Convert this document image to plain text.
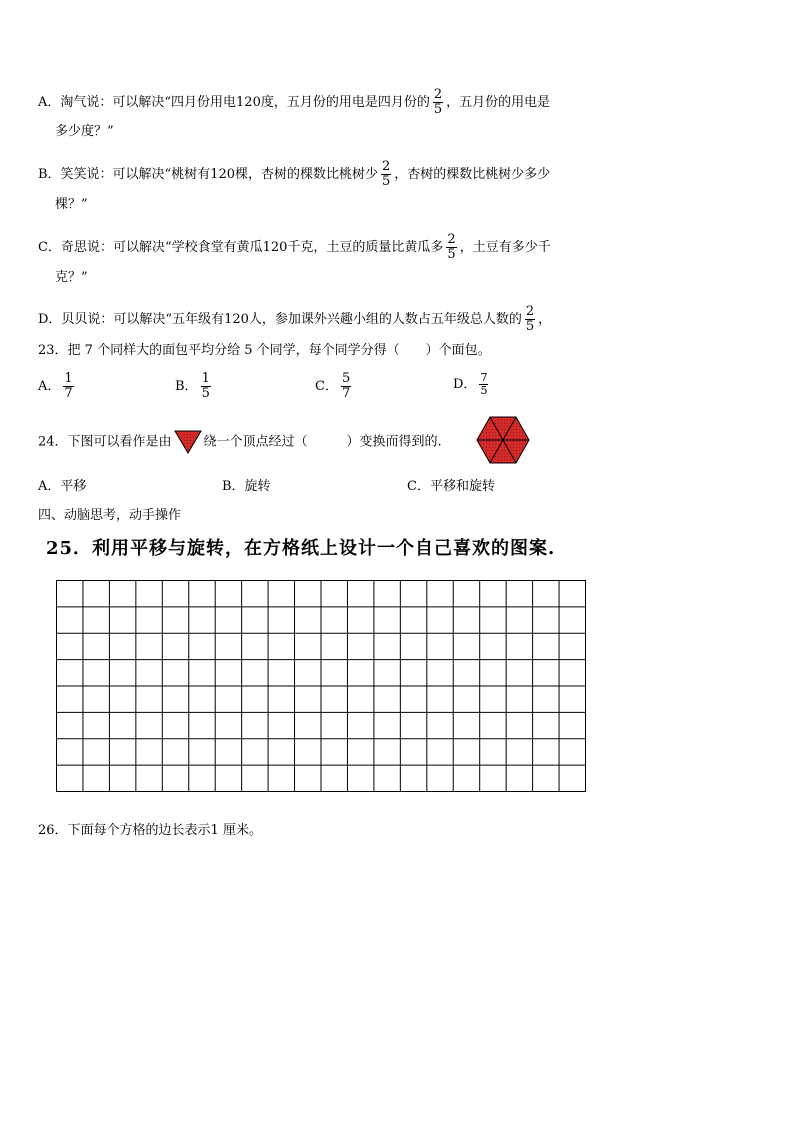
A．淘气说：可以解决“四月份用电120度，五月份的用电是四月份的 $\frac{2}{5}$ ，五月份的用电是
多少度？”
B．笑笑说：可以解决“桃树有120棵，杏树的棵数比桃树少 $\frac{2}{5}$ ，杏树的棵数比桃树少多少
棵？”
C．奇思说：可以解决“学校食堂有黄瓜120千克，土豆的质量比黄瓜多 $\frac{2}{5}$ ，土豆有多少千
克？”
D．贝贝说：可以解决“五年级有120人，参加课外兴趣小组的人数占五年级总人数的 $\frac{2}{5}$ ，
23．把 7 个同样大的面包平均分给 5 个同学，每个同学分得（　　）个面包。
A． $\frac{1}{7}$	B． $\frac{1}{5}$	C． $\frac{5}{7}$	D． $\frac{7}{5}$
24．下图可以看作是由 绕一个顶点经过（　　　）变换而得到的.
A．平移	B．旋转	C．平移和旋转
四、动脑思考，动手操作
25．利用平移与旋转，在方格纸上设计一个自己喜欢的图案.
26．下面每个方格的边长表示1 厘米。
